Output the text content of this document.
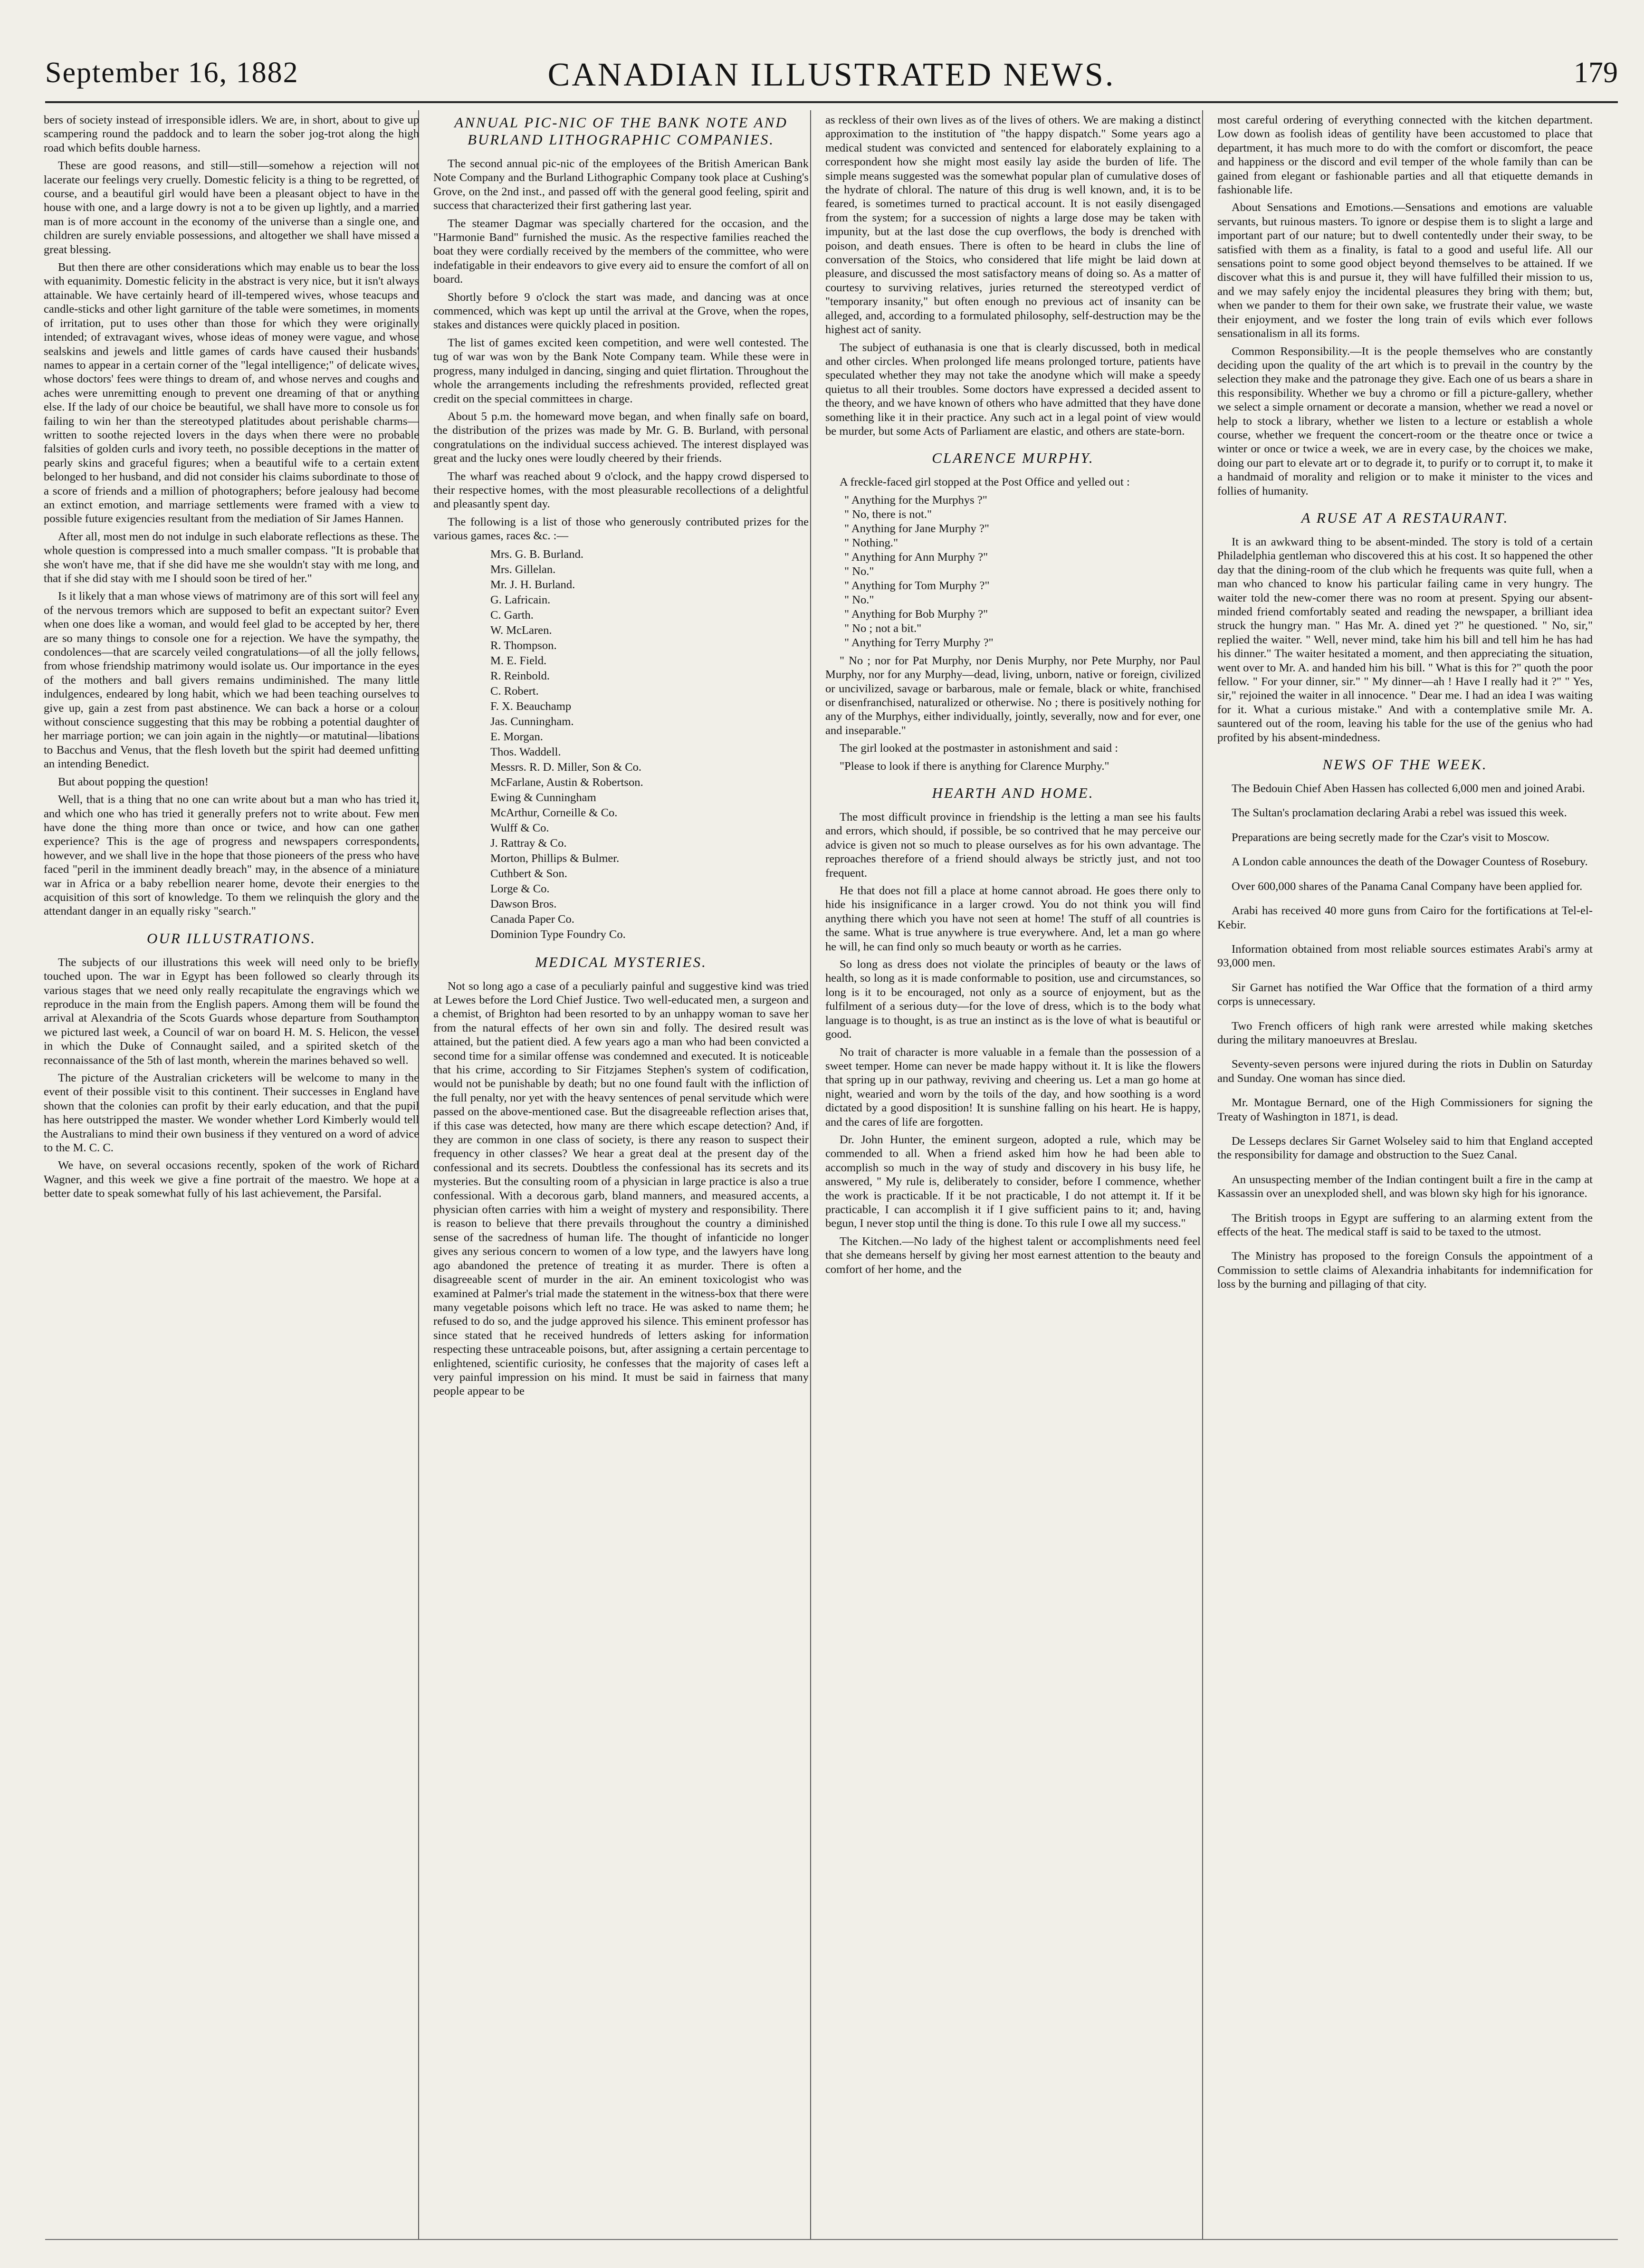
September 16, 1882	CANADIAN ILLUSTRATED NEWS.	179

bers of society instead of irresponsible idlers. We are, in short, about to give up scampering round the paddock and to learn the sober jog-trot along the high road which befits double harness.

These are good reasons, and still—still—somehow a rejection will not lacerate our feelings very cruelly. Domestic felicity is a thing to be regretted, of course, and a beautiful girl would have been a pleasant object to have in the house with one, and a large dowry is not a to be given up lightly, and a married man is of more account in the economy of the universe than a single one, and children are surely enviable possessions, and altogether we shall have missed a great blessing.

But then there are other considerations which may enable us to bear the loss with equanimity. Domestic felicity in the abstract is very nice, but it isn't always attainable. We have certainly heard of ill-tempered wives, whose teacups and candle-sticks and other light garniture of the table were sometimes, in moments of irritation, put to uses other than those for which they were originally intended; of extravagant wives, whose ideas of money were vague, and whose sealskins and jewels and little games of cards have caused their husbands' names to appear in a certain corner of the "legal intelligence;" of delicate wives, whose doctors' fees were things to dream of, and whose nerves and coughs and aches were unremitting enough to prevent one dreaming of that or anything else. If the lady of our choice be beautiful, we shall have more to console us for failing to win her than the stereotyped platitudes about perishable charms—written to soothe rejected lovers in the days when there were no probable falsities of golden curls and ivory teeth, no possible deceptions in the matter of pearly skins and graceful figures; when a beautiful wife to a certain extent belonged to her husband, and did not consider his claims subordinate to those of a score of friends and a million of photographers; before jealousy had become an extinct emotion, and marriage settlements were framed with a view to possible future exigencies resultant from the mediation of Sir James Hannen.

After all, most men do not indulge in such elaborate reflections as these. The whole question is compressed into a much smaller compass. "It is probable that she won't have me, that if she did have me she wouldn't stay with me long, and that if she did stay with me I should soon be tired of her."

Is it likely that a man whose views of matrimony are of this sort will feel any of the nervous tremors which are supposed to befit an expectant suitor? Even when one does like a woman, and would feel glad to be accepted by her, there are so many things to console one for a rejection. We have the sympathy, the condolences—that are scarcely veiled congratulations—of all the jolly fellows, from whose friendship matrimony would isolate us. Our importance in the eyes of the mothers and ball givers remains undiminished. The many little indulgences, endeared by long habit, which we had been teaching ourselves to give up, gain a zest from past abstinence. We can back a horse or a colour without conscience suggesting that this may be robbing a potential daughter of her marriage portion; we can join again in the nightly—or matutinal—libations to Bacchus and Venus, that the flesh loveth but the spirit had deemed unfitting an intending Benedict.

But about popping the question!

Well, that is a thing that no one can write about but a man who has tried it, and which one who has tried it generally prefers not to write about. Few men have done the thing more than once or twice, and how can one gather experience? This is the age of progress and newspapers correspondents, however, and we shall live in the hope that those pioneers of the press who have faced "peril in the imminent deadly breach" may, in the absence of a miniature war in Africa or a baby rebellion nearer home, devote their energies to the acquisition of this sort of knowledge. To them we relinquish the glory and the attendant danger in an equally risky "search."

OUR ILLUSTRATIONS.

The subjects of our illustrations this week will need only to be briefly touched upon. The war in Egypt has been followed so clearly through its various stages that we need only really recapitulate the engravings which we reproduce in the main from the English papers. Among them will be found the arrival at Alexandria of the Scots Guards whose departure from Southampton we pictured last week, a Council of war on board H. M. S. Helicon, the vessel in which the Duke of Connaught sailed, and a spirited sketch of the reconnaissance of the 5th of last month, wherein the marines behaved so well.

The picture of the Australian cricketers will be welcome to many in the event of their possible visit to this continent. Their successes in England have shown that the colonies can profit by their early education, and that the pupil has here outstripped the master. We wonder whether Lord Kimberly would tell the Australians to mind their own business if they ventured on a word of advice to the M. C. C.

We have, on several occasions recently, spoken of the work of Richard Wagner, and this week we give a fine portrait of the maestro. We hope at a better date to speak somewhat fully of his last achievement, the Parsifal.

ANNUAL PIC-NIC OF THE BANK NOTE AND BURLAND LITHOGRAPHIC COMPANIES.

The second annual pic-nic of the employees of the British American Bank Note Company and the Burland Lithographic Company took place at Cushing's Grove, on the 2nd inst., and passed off with the general good feeling, spirit and success that characterized their first gathering last year.

The steamer Dagmar was specially chartered for the occasion, and the "Harmonie Band" furnished the music. As the respective families reached the boat they were cordially received by the members of the committee, who were indefatigable in their endeavors to give every aid to ensure the comfort of all on board.

Shortly before 9 o'clock the start was made, and dancing was at once commenced, which was kept up until the arrival at the Grove, when the ropes, stakes and distances were quickly placed in position.

The list of games excited keen competition, and were well contested. The tug of war was won by the Bank Note Company team. While these were in progress, many indulged in dancing, singing and quiet flirtation. Throughout the whole the arrangements including the refreshments provided, reflected great credit on the special committees in charge.

About 5 p.m. the homeward move began, and when finally safe on board, the distribution of the prizes was made by Mr. G. B. Burland, with personal congratulations on the individual success achieved. The interest displayed was great and the lucky ones were loudly cheered by their friends.

The wharf was reached about 9 o'clock, and the happy crowd dispersed to their respective homes, with the most pleasurable recollections of a delightful and pleasantly spent day.

The following is a list of those who generously contributed prizes for the various games, races &c. :—

Mrs. G. B. Burland.
Mrs. Gillelan.
Mr. J. H. Burland.
G. Lafricain.
C. Garth.
W. McLaren.
R. Thompson.
M. E. Field.
R. Reinbold.
C. Robert.
F. X. Beauchamp
Jas. Cunningham.
E. Morgan.
Thos. Waddell.
Messrs. R. D. Miller, Son & Co.
McFarlane, Austin & Robertson.
Ewing & Cunningham
McArthur, Corneille & Co.
Wulff & Co.
J. Rattray & Co.
Morton, Phillips & Bulmer.
Cuthbert & Son.
Lorge & Co.
Dawson Bros.
Canada Paper Co.
Dominion Type Foundry Co.
MEDICAL MYSTERIES.

Not so long ago a case of a peculiarly painful and suggestive kind was tried at Lewes before the Lord Chief Justice. Two well-educated men, a surgeon and a chemist, of Brighton had been resorted to by an unhappy woman to save her from the natural effects of her own sin and folly. The desired result was attained, but the patient died. A few years ago a man who had been convicted a second time for a similar offense was condemned and executed. It is noticeable that his crime, according to Sir Fitzjames Stephen's system of codification, would not be punishable by death; but no one found fault with the infliction of the full penalty, nor yet with the heavy sentences of penal servitude which were passed on the above-mentioned case. But the disagreeable reflection arises that, if this case was detected, how many are there which escape detection? And, if they are common in one class of society, is there any reason to suspect their frequency in other classes? We hear a great deal at the present day of the confessional and its secrets. Doubtless the confessional has its secrets and its mysteries. But the consulting room of a physician in large practice is also a true confessional. With a decorous garb, bland manners, and measured accents, a physician often carries with him a weight of mystery and responsibility. There is reason to believe that there prevails throughout the country a diminished sense of the sacredness of human life. The thought of infanticide no longer gives any serious concern to women of a low type, and the lawyers have long ago abandoned the pretence of treating it as murder. There is often a disagreeable scent of murder in the air. An eminent toxicologist who was examined at Palmer's trial made the statement in the witness-box that there were many vegetable poisons which left no trace. He was asked to name them; he refused to do so, and the judge approved his silence. This eminent professor has since stated that he received hundreds of letters asking for information respecting these untraceable poisons, but, after assigning a certain percentage to enlightened, scientific curiosity, he confesses that the majority of cases left a very painful impression on his mind. It must be said in fairness that many people appear to be

as reckless of their own lives as of the lives of others. We are making a distinct approximation to the institution of "the happy dispatch." Some years ago a medical student was convicted and sentenced for elaborately explaining to a correspondent how she might most easily lay aside the burden of life. The simple means suggested was the somewhat popular plan of cumulative doses of the hydrate of chloral. The nature of this drug is well known, and, it is to be feared, is sometimes turned to practical account. It is not easily disengaged from the system; for a succession of nights a large dose may be taken with impunity, but at the last dose the cup overflows, the body is drenched with poison, and death ensues. There is often to be heard in clubs the line of conversation of the Stoics, who considered that life might be laid down at pleasure, and discussed the most satisfactory means of doing so. As a matter of courtesy to surviving relatives, juries returned the stereotyped verdict of "temporary insanity," but often enough no previous act of insanity can be alleged, and, according to a formulated philosophy, self-destruction may be the highest act of sanity.

The subject of euthanasia is one that is clearly discussed, both in medical and other circles. When prolonged life means prolonged torture, patients have speculated whether they may not take the anodyne which will make a speedy quietus to all their troubles. Some doctors have expressed a decided assent to the theory, and we have known of others who have admitted that they have done something like it in their practice. Any such act in a legal point of view would be murder, but some Acts of Parliament are elastic, and others are state-born.

CLARENCE MURPHY.

A freckle-faced girl stopped at the Post Office and yelled out :

" Anything for the Murphys ?"
" No, there is not."
" Anything for Jane Murphy ?"
" Nothing."
" Anything for Ann Murphy ?"
" No."
" Anything for Tom Murphy ?"
" No."
" Anything for Bob Murphy ?"
" No ; not a bit."
" Anything for Terry Murphy ?"

" No ; nor for Pat Murphy, nor Denis Murphy, nor Pete Murphy, nor Paul Murphy, nor for any Murphy—dead, living, unborn, native or foreign, civilized or uncivilized, savage or barbarous, male or female, black or white, franchised or disenfranchised, naturalized or otherwise. No ; there is positively nothing for any of the Murphys, either individually, jointly, severally, now and for ever, one and inseparable."

The girl looked at the postmaster in astonishment and said :

"Please to look if there is anything for Clarence Murphy."

HEARTH AND HOME.

The most difficult province in friendship is the letting a man see his faults and errors, which should, if possible, be so contrived that he may perceive our advice is given not so much to please ourselves as for his own advantage. The reproaches therefore of a friend should always be strictly just, and not too frequent.

He that does not fill a place at home cannot abroad. He goes there only to hide his insignificance in a larger crowd. You do not think you will find anything there which you have not seen at home! The stuff of all countries is the same. What is true anywhere is true everywhere. And, let a man go where he will, he can find only so much beauty or worth as he carries.

So long as dress does not violate the principles of beauty or the laws of health, so long as it is made conformable to position, use and circumstances, so long is it to be encouraged, not only as a source of enjoyment, but as the fulfilment of a serious duty—for the love of dress, which is to the body what language is to thought, is as true an instinct as is the love of what is beautiful or good.

No trait of character is more valuable in a female than the possession of a sweet temper. Home can never be made happy without it. It is like the flowers that spring up in our pathway, reviving and cheering us. Let a man go home at night, wearied and worn by the toils of the day, and how soothing is a word dictated by a good disposition! It is sunshine falling on his heart. He is happy, and the cares of life are forgotten.

Dr. John Hunter, the eminent surgeon, adopted a rule, which may be commended to all. When a friend asked him how he had been able to accomplish so much in the way of study and discovery in his busy life, he answered, " My rule is, deliberately to consider, before I commence, whether the work is practicable. If it be not practicable, I do not attempt it. If it be practicable, I can accomplish it if I give sufficient pains to it; and, having begun, I never stop until the thing is done. To this rule I owe all my success."

The Kitchen.—No lady of the highest talent or accomplishments need feel that she demeans herself by giving her most earnest attention to the beauty and comfort of her home, and the

most careful ordering of everything connected with the kitchen department. Low down as foolish ideas of gentility have been accustomed to place that department, it has much more to do with the comfort or discomfort, the peace and happiness or the discord and evil temper of the whole family than can be gained from elegant or fashionable parties and all that etiquette demands in fashionable life.

About Sensations and Emotions.—Sensations and emotions are valuable servants, but ruinous masters. To ignore or despise them is to slight a large and important part of our nature; but to dwell contentedly under their sway, to be satisfied with them as a finality, is fatal to a good and useful life. All our sensations point to some good object beyond themselves to be attained. If we discover what this is and pursue it, they will have fulfilled their mission to us, and we may safely enjoy the incidental pleasures they bring with them; but, when we pander to them for their own sake, we frustrate their value, we waste their enjoyment, and we foster the long train of evils which ever follows sensationalism in all its forms.

Common Responsibility.—It is the people themselves who are constantly deciding upon the quality of the art which is to prevail in the country by the selection they make and the patronage they give. Each one of us bears a share in this responsibility. Whether we buy a chromo or fill a picture-gallery, whether we select a simple ornament or decorate a mansion, whether we read a novel or help to stock a library, whether we listen to a lecture or establish a whole course, whether we frequent the concert-room or the theatre once or twice a winter or once or twice a week, we are in every case, by the choices we make, doing our part to elevate art or to degrade it, to purify or to corrupt it, to make it a handmaid of morality and religion or to make it minister to the vices and follies of humanity.

A RUSE AT A RESTAURANT.

It is an awkward thing to be absent-minded. The story is told of a certain Philadelphia gentleman who discovered this at his cost. It so happened the other day that the dining-room of the club which he frequents was quite full, when a man who chanced to know his particular failing came in very hungry. The waiter told the new-comer there was no room at present. Spying our absent-minded friend comfortably seated and reading the newspaper, a brilliant idea struck the hungry man. " Has Mr. A. dined yet ?" he questioned. " No, sir," replied the waiter. " Well, never mind, take him his bill and tell him he has had his dinner." The waiter hesitated a moment, and then appreciating the situation, went over to Mr. A. and handed him his bill. " What is this for ?" quoth the poor fellow. " For your dinner, sir." " My dinner—ah ! Have I really had it ?" " Yes, sir," rejoined the waiter in all innocence. " Dear me. I had an idea I was waiting for it. What a curious mistake." And with a contemplative smile Mr. A. sauntered out of the room, leaving his table for the use of the genius who had profited by his absent-mindedness.

NEWS OF THE WEEK.

The Bedouin Chief Aben Hassen has collected 6,000 men and joined Arabi.

The Sultan's proclamation declaring Arabi a rebel was issued this week.

Preparations are being secretly made for the Czar's visit to Moscow.

A London cable announces the death of the Dowager Countess of Rosebury.

Over 600,000 shares of the Panama Canal Company have been applied for.

Arabi has received 40 more guns from Cairo for the fortifications at Tel-el-Kebir.

Information obtained from most reliable sources estimates Arabi's army at 93,000 men.

Sir Garnet has notified the War Office that the formation of a third army corps is unnecessary.

Two French officers of high rank were arrested while making sketches during the military manoeuvres at Breslau.

Seventy-seven persons were injured during the riots in Dublin on Saturday and Sunday. One woman has since died.

Mr. Montague Bernard, one of the High Commissioners for signing the Treaty of Washington in 1871, is dead.

De Lesseps declares Sir Garnet Wolseley said to him that England accepted the responsibility for damage and obstruction to the Suez Canal.

An unsuspecting member of the Indian contingent built a fire in the camp at Kassassin over an unexploded shell, and was blown sky high for his ignorance.

The British troops in Egypt are suffering to an alarming extent from the effects of the heat. The medical staff is said to be taxed to the utmost.

The Ministry has proposed to the foreign Consuls the appointment of a Commission to settle claims of Alexandria inhabitants for indemnification for loss by the burning and pillaging of that city.
